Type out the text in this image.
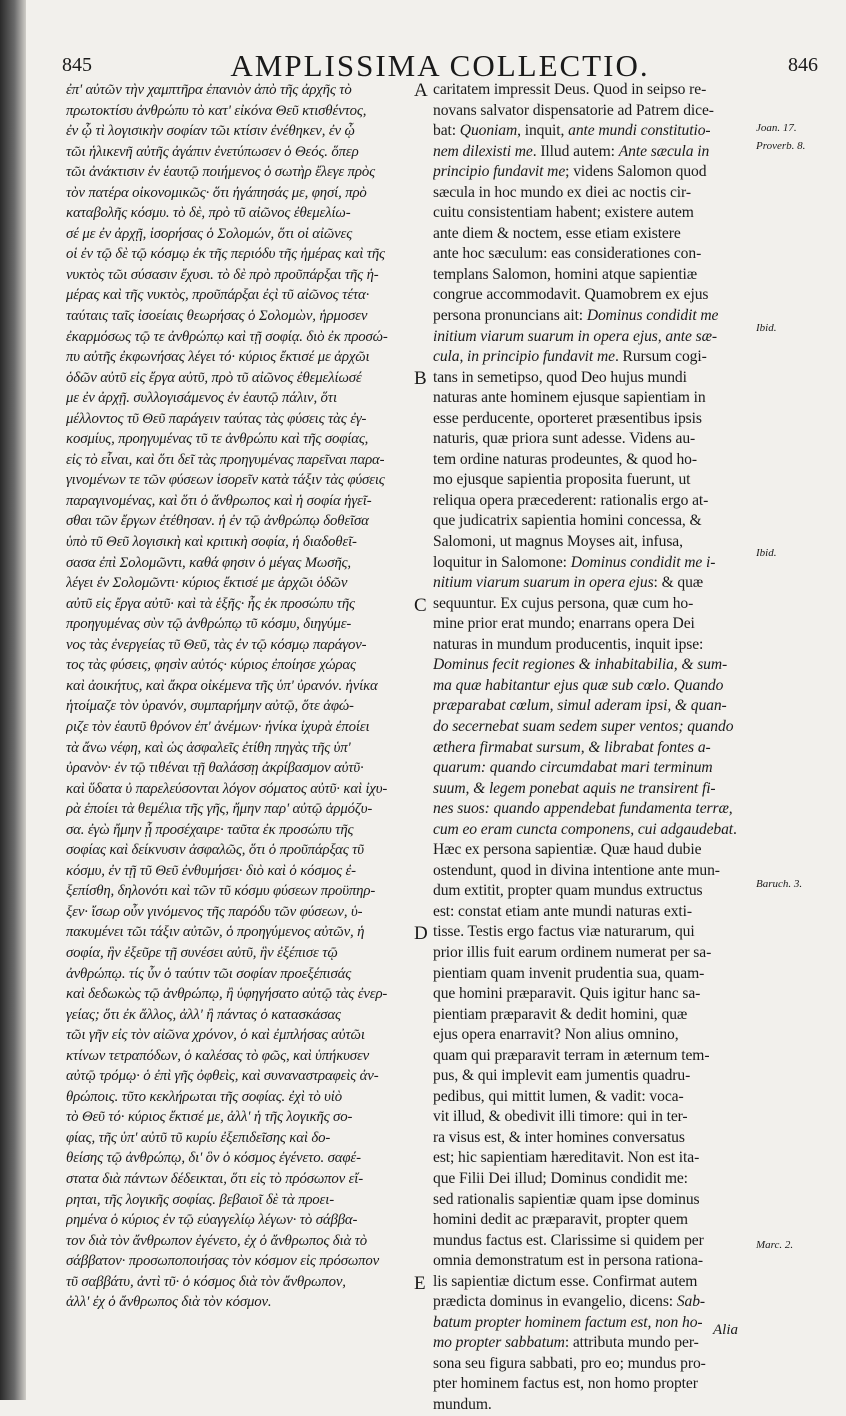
845	AMPLISSIMA COLLECTIO.	846
ἐπ' αὐτῶν τὴν χαμπτῆρα ἐπανιὸν ἀπὸ τῆς ἀρχῆς τὸ
πρωτοκτίσυ ἀνθρώπυ τὸ κατ' εἰκόνα Θεῦ κτισθέντος,
ἐν ᾧ τὶ λογισικὴν σοφίαν τῶι κτίσιν ἐνέθηκεν, ἐν ᾧ
τῶι ἡλικενῆ αὐτῆς ἀγάπιν ἐνετύπωσεν ὁ Θεός. ὅπερ
τῶι ἀνάκτισιν ἐν ἑαυτῷ ποιήμενος ὁ σωτὴρ ἔλεγε πρὸς
τὸν πατέρα οἰκονομικῶς· ὅτι ἠγάπησάς με, φησί, πρὸ
καταβολῆς κόσμυ. τὸ δὲ, πρὸ τῦ αἰῶνος ἐθεμελίω-
σέ με ἐν ἀρχῇ, ἱσορήσας ὁ Σολομών, ὅτι οἱ αἰῶνες
οἱ ἐν τῷ δὲ τῷ κόσμῳ ἐκ τῆς περιόδυ τῆς ἡμέρας καὶ τῆς
νυκτὸς τῶι σύσασιν ἔχυσι. τὸ δὲ πρὸ προῦπάρξαι τῆς ἡ-
μέρας καὶ τῆς νυκτὸς, προῦπάρξαι ἐςὶ τῦ αἰῶνος τέτα·
ταύταις ταῖς ἰσοείαις θεωρήσας ὁ Σολομὼν, ἡρμοσεν
ἐκαρμόσως τῷ τε ἀνθρώπῳ καὶ τῇ σοφίᾳ. διὸ ἐκ προσώ-
πυ αὐτῆς ἐκφωνήσας λέγει τό· κύριος ἔκτισέ με ἀρχῶι
ὁδῶν αὐτῦ εἰς ἔργα αὐτῦ, πρὸ τῦ αἰῶνος ἐθεμελίωσέ
με ἐν ἀρχῇ. συλλογισάμενος ἐν ἑαυτῷ πάλιν, ὅτι
μέλλοντος τῦ Θεῦ παράγειν ταύτας τὰς φύσεις τὰς ἐγ-
κοσμίυς, προηγυμένας τῦ τε ἀνθρώπυ καὶ τῆς σοφίας,
εἰς τὸ εἶναι, καὶ ὅτι δεῖ τὰς προηγυμένας παρεῖναι παρα-
γινομένων τε τῶν φύσεων ἱσορεῖν κατὰ τάξιν τὰς φύσεις
παραγινομένας, καὶ ὅτι ὁ ἄνθρωπος καὶ ἡ σοφία ἡγεῖ-
σθαι τῶν ἔργων ἐτέθησαν. ἡ ἐν τῷ ἀνθρώπῳ δοθεῖσα
ὑπὸ τῦ Θεῦ λογισικὴ καὶ κριτικὴ σοφία, ἡ διαδοθεῖ-
σασα ἐπὶ Σολομῶντι, καθά φησιν ὁ μέγας Μωσῆς,
λέγει ἐν Σολομῶντι· κύριος ἔκτισέ με ἀρχῶι ὁδῶν
αὐτῦ εἰς ἔργα αὐτῦ· καὶ τὰ ἑξῆς· ἧς ἐκ προσώπυ τῆς
προηγυμένας σὺν τῷ ἀνθρώπῳ τῦ κόσμυ, διηγύμε-
νος τὰς ἐνεργείας τῦ Θεῦ, τὰς ἐν τῷ κόσμῳ παράγον-
τος τὰς φύσεις, φησὶν αὐτός· κύριος ἐποίησε χώρας
καὶ ἀοικήτυς, καὶ ἄκρα οἰκέμενα τῆς ὑπ' ὐρανόν. ἡνίκα
ἡτοίμαζε τὸν ὐρανόν, συμπαρήμην αὐτῷ, ὅτε ἀφώ-
ριζε τὸν ἑαυτῦ θρόνον ἐπ' ἀνέμων· ἡνίκα ἰχυρὰ ἐποίει
τὰ ἄνω νέφη, καὶ ὡς ἀσφαλεῖς ἐτίθη πηγὰς τῆς ὑπ'
ὐρανὸν· ἐν τῷ τιθέναι τῇ θαλάσσῃ ἀκρίβασμον αὐτῦ·
καὶ ὕδατα ὐ παρελεύσονται λόγον σόματος αὐτῦ· καὶ ἰχυ-
ρὰ ἐποίει τὰ θεμέλια τῆς γῆς, ἤμην παρ' αὐτῷ ἁρμόζυ-
σα. ἐγὼ ἤμην ᾗ προσέχαιρε· ταῦτα ἐκ προσώπυ τῆς
σοφίας καὶ δείκνυσιν ἀσφαλῶς, ὅτι ὁ προῦπάρξας τῦ
κόσμυ, ἐν τῇ τῦ Θεῦ ἐνθυμήσει· διὸ καὶ ὁ κόσμος ἐ-
ξεπίσθη, δηλονότι καὶ τῶν τῦ κόσμυ φύσεων προϋπηρ-
ξεν· ἴσωρ οὖν γινόμενος τῆς παρόδυ τῶν φύσεων, ὑ-
πακυμένει τῶι τάξιν αὐτῶν, ὁ προηγύμενος αὐτῶν, ἡ
σοφία, ἣν ἐξεῦρε τῇ συνέσει αὐτῦ, ἣν ἐξέπισε τῷ
ἀνθρώπῳ. τίς ὖν ὁ ταύτιν τῶι σοφίαν προεξέπισάς
καὶ δεδωκὼς τῷ ἀνθρώπῳ, ἢ ὑφηγήσατο αὐτῷ τὰς ἐνερ-
γείας; ὅτι ἐκ ἄλλος, ἀλλ' ἢ πάντας ὁ κατασκάσας
τῶι γῆν εἰς τὸν αἰῶνα χρόνον, ὁ καὶ ἐμπλήσας αὐτῶι
κτίνων τετραπόδων, ὁ καλέσας τὸ φῶς, καὶ ὑπήκυσεν
αὐτῷ τρόμῳ· ὁ ἐπὶ γῆς ὀφθεὶς, καὶ συναναστραφεὶς ἀν-
θρώποις. τῦτο κεκλήρωται τῆς σοφίας. ἐχὶ τὸ υἱὸ
τὸ Θεῦ τό· κύριος ἔκτισέ με, ἀλλ' ἡ τῆς λογικῆς σο-
φίας, τῆς ὑπ' αὐτῦ τῦ κυρίυ ἐξεπιδεῖσης καὶ δο-
θείσης τῷ ἀνθρώπῳ, δι' ὃν ὁ κόσμος ἐγένετο. σαφέ-
στατα διὰ πάντων δέδεικται, ὅτι εἰς τὸ πρόσωπον εἴ-
ρηται, τῆς λογικῆς σοφίας. βεβαιοῖ δὲ τὰ προει-
ρημένα ὁ κύριος ἐν τῷ εὐαγγελίῳ λέγων· τὸ σάββα-
τον διὰ τὸν ἄνθρωπον ἐγένετο, ἐχ ὁ ἄνθρωπος διὰ τὸ
σάββατον· προσωποποιήσας τὸν κόσμον εἰς πρόσωπον
τῦ σαββάτυ, ἀντὶ τῦ· ὁ κόσμος διὰ τὸν ἄνθρωπον,
ἀλλ' ἐχ ὁ ἄνθρωπος διὰ τὸν κόσμον.
caritatem impressit Deus. Quod in seipso re-
novans salvator dispensatorie ad Patrem dice-
bat: Quoniam, inquit, ante mundi constitutio-
nem dilexisti me. Illud autem: Ante sæcula in
principio fundavit me; videns Salomon quod
sæcula in hoc mundo ex diei ac noctis cir-
cuitu consistentiam habent; existere autem
ante diem & noctem, esse etiam existere
ante hoc sæculum: eas considerationes con-
templans Salomon, homini atque sapientiæ
congrue accommodavit. Quamobrem ex ejus
persona pronuncians ait: Dominus condidit me
initium viarum suarum in opera ejus, ante sæ-
cula, in principio fundavit me. Rursum cogi-
tans in semetipso, quod Deo hujus mundi
naturas ante hominem ejusque sapientiam in
esse perducente, oporteret præsentibus ipsis
naturis, quæ priora sunt adesse. Videns au-
tem ordine naturas prodeuntes, & quod ho-
mo ejusque sapientia proposita fuerunt, ut
reliqua opera præcederent: rationalis ergo at-
que judicatrix sapientia homini concessa, &
Salomoni, ut magnus Moyses ait, infusa,
loquitur in Salomone: Dominus condidit me i-
nitium viarum suarum in opera ejus: & quæ
sequuntur. Ex cujus persona, quæ cum ho-
mine prior erat mundo; enarrans opera Dei
naturas in mundum producentis, inquit ipse:
Dominus fecit regiones & inhabitabilia, & sum-
ma quæ habitantur ejus quæ sub cœlo. Quando
præparabat cœlum, simul aderam ipsi, & quan-
do secernebat suam sedem super ventos; quando
æthera firmabat sursum, & librabat fontes a-
quarum: quando circumdabat mari terminum
suum, & legem ponebat aquis ne transirent fi-
nes suos: quando appendebat fundamenta terræ,
cum eo eram cuncta componens, cui adgaudebat.
Hæc ex persona sapientiæ. Quæ haud dubie
ostendunt, quod in divina intentione ante mun-
dum extitit, propter quam mundus extructus
est: constat etiam ante mundi naturas exti-
tisse. Testis ergo factus viæ naturarum, qui
prior illis fuit earum ordinem numerat per sa-
pientiam quam invenit prudentia sua, quam-
que homini præparavit. Quis igitur hanc sa-
pientiam præparavit & dedit homini, quæ
ejus opera enarravit? Non alius omnino,
quam qui præparavit terram in æternum tem-
pus, & qui implevit eam jumentis quadru-
pedibus, qui mittit lumen, & vadit: voca-
vit illud, & obedivit illi timore: qui in ter-
ra visus est, & inter homines conversatus
est; hic sapientiam hæreditavit. Non est ita-
que Filii Dei illud; Dominus condidit me:
sed rationalis sapientiæ quam ipse dominus
homini dedit ac præparavit, propter quem
mundus factus est. Clarissime si quidem per
omnia demonstratum est in persona rationa-
lis sapientiæ dictum esse. Confirmat autem
prædicta dominus in evangelio, dicens: Sab-
batum propter hominem factum est, non ho-
mo propter sabbatum: attributa mundo per-
sona seu figura sabbati, pro eo; mundus pro-
pter hominem factus est, non homo propter
mundum.
A
B
C
D
E
Joan. 17.
Proverb. 8.
Ibid.
Ibid.
Baruch. 3.
Marc. 2.
Alia
